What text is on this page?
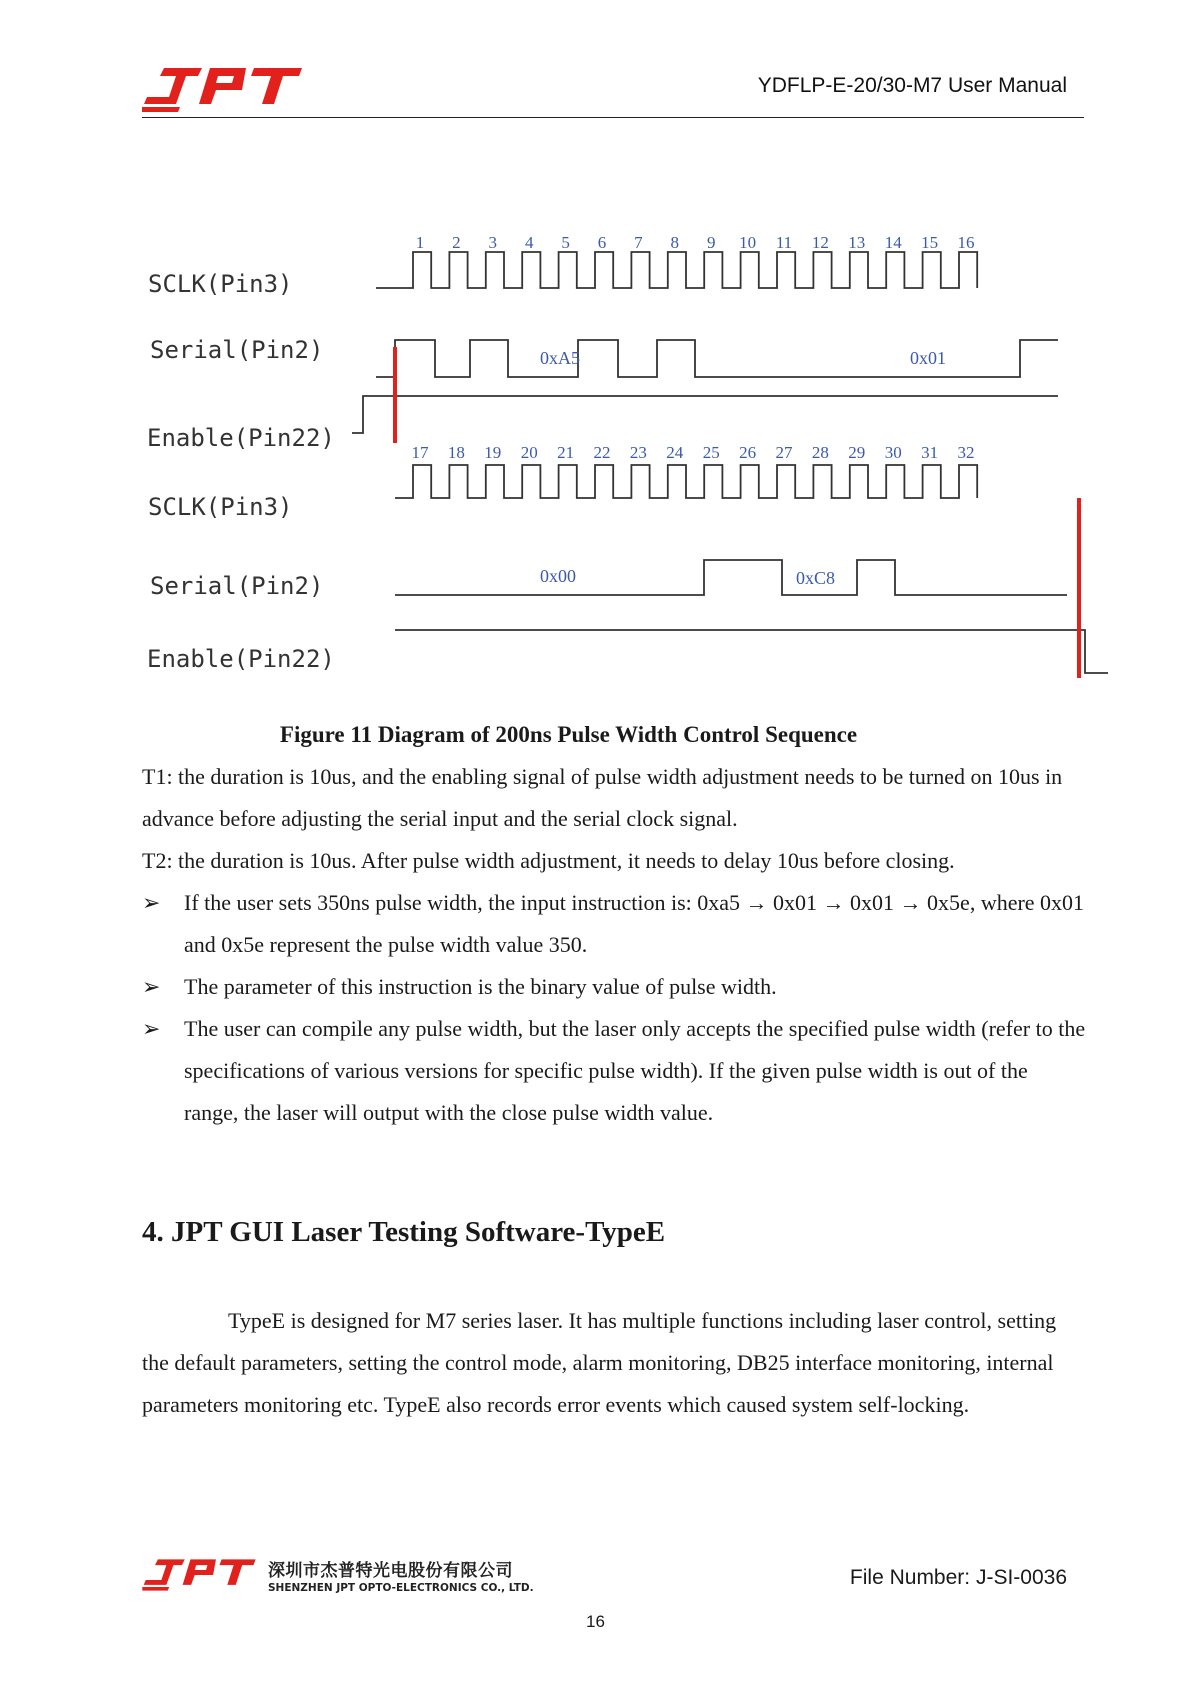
YDFLP-E-20/30-M7 User Manual
SCLK(Pin3)
Serial(Pin2)
Enable(Pin22)
SCLK(Pin3)
Serial(Pin2)
Enable(Pin22)
1 2 3 4 5 6 7 8 9 10 11 12 13 14 15 16
17 18 19 20 21 22 23 24 25 26 27 28 29 30 31 32
0xA5	0x01
0x00	0xC8
Figure 11 Diagram of 200ns Pulse Width Control Sequence
T1: the duration is 10us, and the enabling signal of pulse width adjustment needs to be turned on 10us in advance before adjusting the serial input and the serial clock signal.
T2: the duration is 10us. After pulse width adjustment, it needs to delay 10us before closing.
➢ If the user sets 350ns pulse width, the input instruction is: 0xa5 → 0x01 → 0x01 → 0x5e, where 0x01 and 0x5e represent the pulse width value 350.
➢ The parameter of this instruction is the binary value of pulse width.
➢ The user can compile any pulse width, but the laser only accepts the specified pulse width (refer to the specifications of various versions for specific pulse width). If the given pulse width is out of the range, the laser will output with the close pulse width value.
4. JPT GUI Laser Testing Software-TypeE
TypeE is designed for M7 series laser. It has multiple functions including laser control, setting the default parameters, setting the control mode, alarm monitoring, DB25 interface monitoring, internal parameters monitoring etc. TypeE also records error events which caused system self-locking.
深圳市杰普特光电股份有限公司
SHENZHEN JPT OPTO-ELECTRONICS CO., LTD.	File Number: J-SI-0036
16
